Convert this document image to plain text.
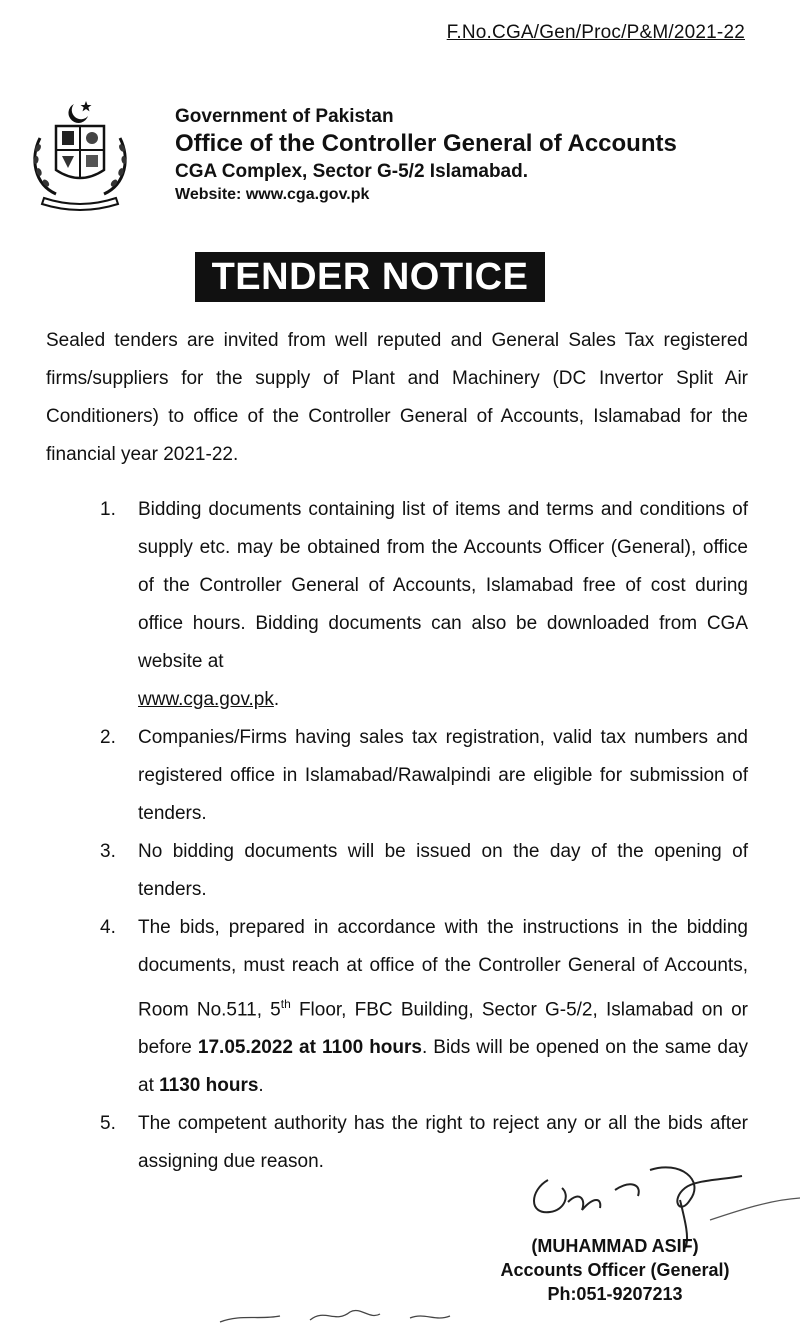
F.No.CGA/Gen/Proc/P&M/2021-22
Government of Pakistan
Office of the Controller General of Accounts
CGA Complex, Sector G-5/2 Islamabad.
Website: www.cga.gov.pk
TENDER NOTICE
Sealed tenders are invited from well reputed and General Sales Tax registered firms/suppliers for the supply of Plant and Machinery (DC Invertor Split Air Conditioners) to office of the Controller General of Accounts, Islamabad for the financial year 2021-22.
1.	Bidding documents containing list of items and terms and conditions of supply etc. may be obtained from the Accounts Officer (General), office of the Controller General of Accounts, Islamabad free of cost during office hours. Bidding documents can also be downloaded from CGA website at
www.cga.gov.pk.
2.	Companies/Firms having sales tax registration, valid tax numbers and registered office in Islamabad/Rawalpindi are eligible for submission of tenders.
3.	No bidding documents will be issued on the day of the opening of tenders.
4.	The bids, prepared in accordance with the instructions in the bidding documents, must reach at office of the Controller General of Accounts, Room No.511, 5th Floor, FBC Building, Sector G-5/2, Islamabad on or before 17.05.2022 at 1100 hours. Bids will be opened on the same day at 1130 hours.
5.	The competent authority has the right to reject any or all the bids after assigning due reason.
(MUHAMMAD ASIF)
Accounts Officer (General)
Ph:051-9207213
